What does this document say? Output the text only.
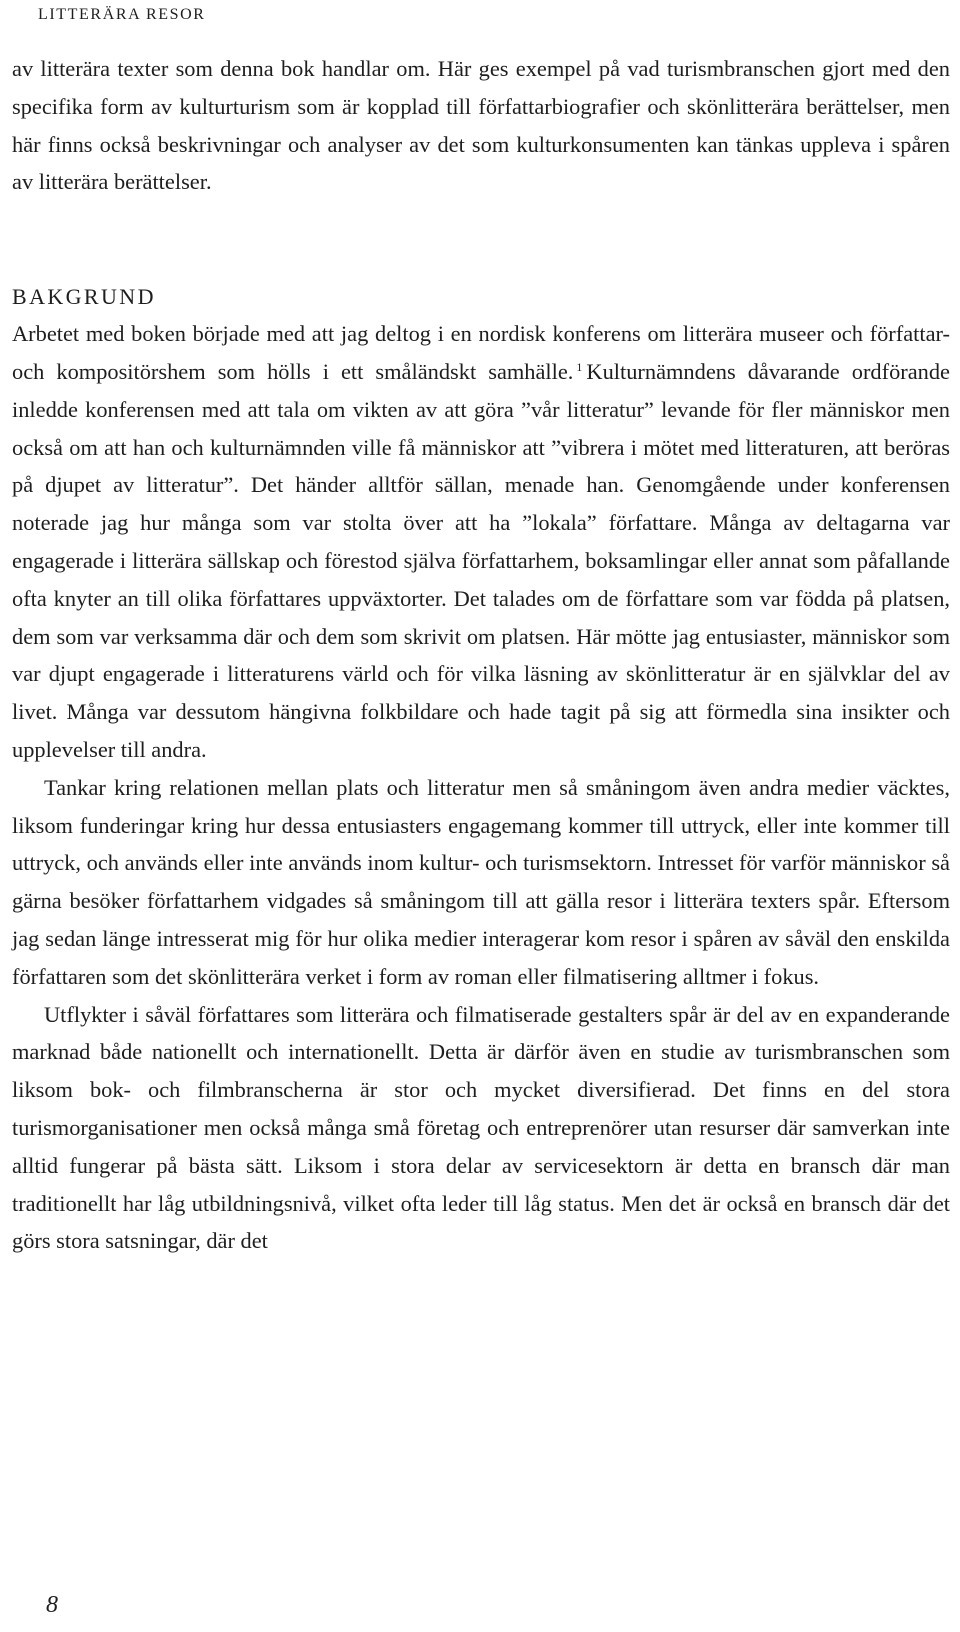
LITTERÄRA RESOR

av litterära texter som denna bok handlar om. Här ges exempel på vad turismbranschen gjort med den specifika form av kulturturism som är kopplad till författarbiografier och skönlitterära berättelser, men här finns också beskrivningar och analyser av det som kulturkonsumenten kan tänkas uppleva i spåren av litterära berättelser.

BAKGRUND

Arbetet med boken började med att jag deltog i en nordisk konferens om litterära museer och författar- och kompositörshem som hölls i ett småländskt samhälle. $^1$ Kulturnämndens dåvarande ordförande inledde konferensen med att tala om vikten av att göra ”vår litteratur” levande för fler människor men också om att han och kulturnämnden ville få människor att ”vibrera i mötet med litteraturen, att beröras på djupet av litteratur”. Det händer alltför sällan, menade han. Genomgående under konferensen noterade jag hur många som var stolta över att ha ”lokala” författare. Många av deltagarna var engagerade i litterära sällskap och förestod själva författarhem, boksamlingar eller annat som påfallande ofta knyter an till olika författares uppväxtorter. Det talades om de författare som var födda på platsen, dem som var verksamma där och dem som skrivit om platsen. Här mötte jag entusiaster, människor som var djupt engagerade i litteraturens värld och för vilka läsning av skönlitteratur är en självklar del av livet. Många var dessutom hängivna folkbildare och hade tagit på sig att förmedla sina insikter och upplevelser till andra.

Tankar kring relationen mellan plats och litteratur men så småningom även andra medier väcktes, liksom funderingar kring hur dessa entusiasters engagemang kommer till uttryck, eller inte kommer till uttryck, och används eller inte används inom kultur- och turismsektorn. Intresset för varför människor så gärna besöker författarhem vidgades så småningom till att gälla resor i litterära texters spår. Eftersom jag sedan länge intresserat mig för hur olika medier interagerar kom resor i spåren av såväl den enskilda författaren som det skönlitterära verket i form av roman eller filmatisering alltmer i fokus.

Utflykter i såväl författares som litterära och filmatiserade gestalters spår är del av en expanderande marknad både nationellt och internationellt. Detta är därför även en studie av turismbranschen som liksom bok- och filmbranscherna är stor och mycket diversifierad. Det finns en del stora turismorganisationer men också många små företag och entreprenörer utan resurser där samverkan inte alltid fungerar på bästa sätt. Liksom i stora delar av servicesektorn är detta en bransch där man traditionellt har låg utbildningsnivå, vilket ofta leder till låg status. Men det är också en bransch där det görs stora satsningar, där det

8
